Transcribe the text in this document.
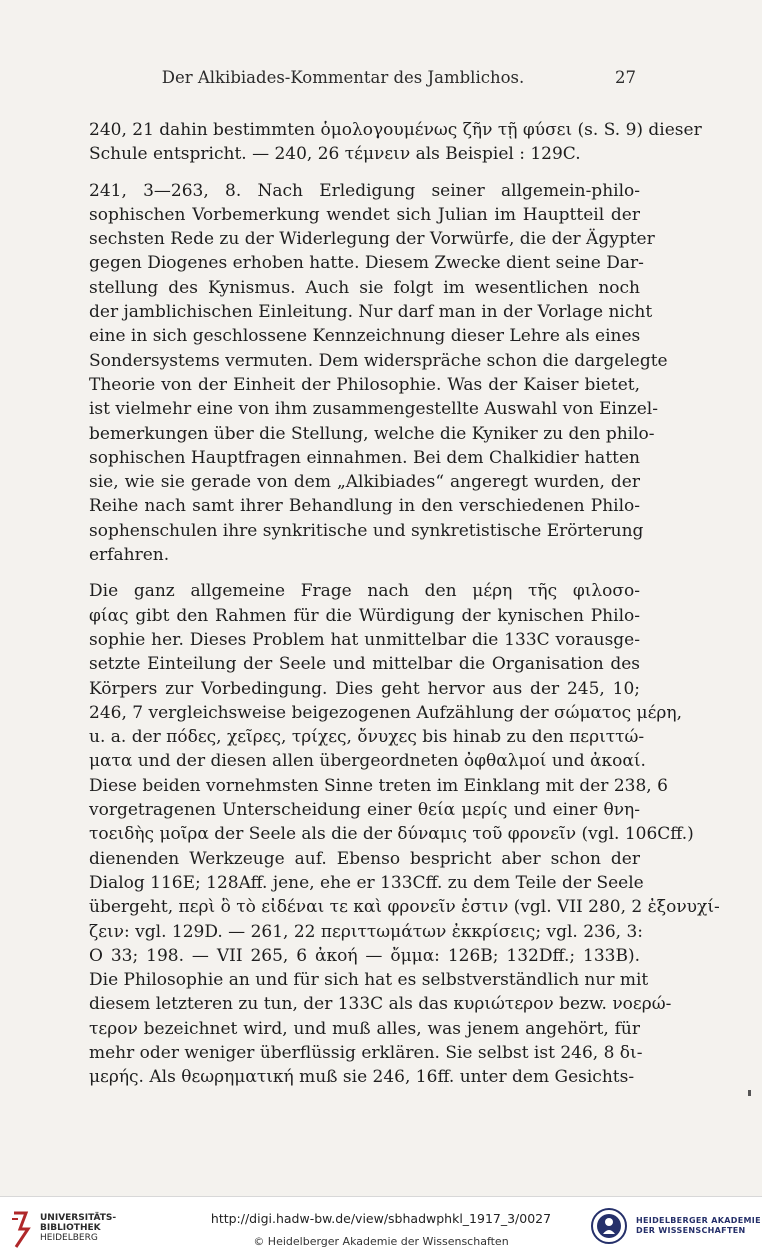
Der Alkibiades-Kommentar des Jamblichos.	27
240, 21 dahin bestimmten ὁμολογουμένως ζῆν τῇ φύσει (s. S. 9) dieser
Schule entspricht. — 240, 26 τέμνειν als Beispiel : 129C.
241, 3—263, 8. Nach Erledigung seiner allgemein-philo-
sophischen Vorbemerkung wendet sich Julian im Hauptteil der
sechsten Rede zu der Widerlegung der Vorwürfe, die der Ägypter
gegen Diogenes erhoben hatte. Diesem Zwecke dient seine Dar-
stellung des Kynismus. Auch sie folgt im wesentlichen noch
der jamblichischen Einleitung. Nur darf man in der Vorlage nicht
eine in sich geschlossene Kennzeichnung dieser Lehre als eines
Sondersystems vermuten. Dem widerspräche schon die dargelegte
Theorie von der Einheit der Philosophie. Was der Kaiser bietet,
ist vielmehr eine von ihm zusammengestellte Auswahl von Einzel-
bemerkungen über die Stellung, welche die Kyniker zu den philo-
sophischen Hauptfragen einnahmen. Bei dem Chalkidier hatten
sie, wie sie gerade von dem „Alkibiades“ angeregt wurden, der
Reihe nach samt ihrer Behandlung in den verschiedenen Philo-
sophenschulen ihre synkritische und synkretistische Erörterung
erfahren.
Die ganz allgemeine Frage nach den μέρη τῆς φιλοσο-
φίας gibt den Rahmen für die Würdigung der kynischen Philo-
sophie her. Dieses Problem hat unmittelbar die 133C vorausge-
setzte Einteilung der Seele und mittelbar die Organisation des
Körpers zur Vorbedingung. Dies geht hervor aus der 245, 10;
246, 7 vergleichsweise beigezogenen Aufzählung der σώματος μέρη,
u. a. der πόδες, χεῖρες, τρίχες, ὄνυχες bis hinab zu den περιττώ-
ματα und der diesen allen übergeordneten ὀφθαλμοί und ἀκοαί.
Diese beiden vornehmsten Sinne treten im Einklang mit der 238, 6
vorgetragenen Unterscheidung einer θεία μερίς und einer θνη-
τοειδὴς μοῖρα der Seele als die der δύναμις τοῦ φρονεῖν (vgl. 106Cff.)
dienenden Werkzeuge auf. Ebenso bespricht aber schon der
Dialog 116E; 128Aff. jene, ehe er 133Cff. zu dem Teile der Seele
übergeht, περὶ ὃ τὸ εἰδέναι τε καὶ φρονεῖν ἐστιν (vgl. VII 280, 2 ἐξονυχί-
ζειν: vgl. 129D. — 261, 22 περιττωμάτων ἐκκρίσεις; vgl. 236, 3:
O 33; 198. — VII 265, 6 ἀκοή — ὄμμα: 126B; 132Dff.; 133B).
Die Philosophie an und für sich hat es selbstverständlich nur mit
diesem letzteren zu tun, der 133C als das κυριώτερον bezw. νοερώ-
τερον bezeichnet wird, und muß alles, was jenem angehört, für
mehr oder weniger überflüssig erklären. Sie selbst ist 246, 8 δι-
μερής. Als θεωρηματική muß sie 246, 16ff. unter dem Gesichts-
UNIVERSITÄTS-
BIBLIOTHEK
HEIDELBERG
http://digi.hadw-bw.de/view/sbhadwphkl_1917_3/0027
© Heidelberger Akademie der Wissenschaften
HEIDELBERGER AKADEMIE
DER WISSENSCHAFTEN
